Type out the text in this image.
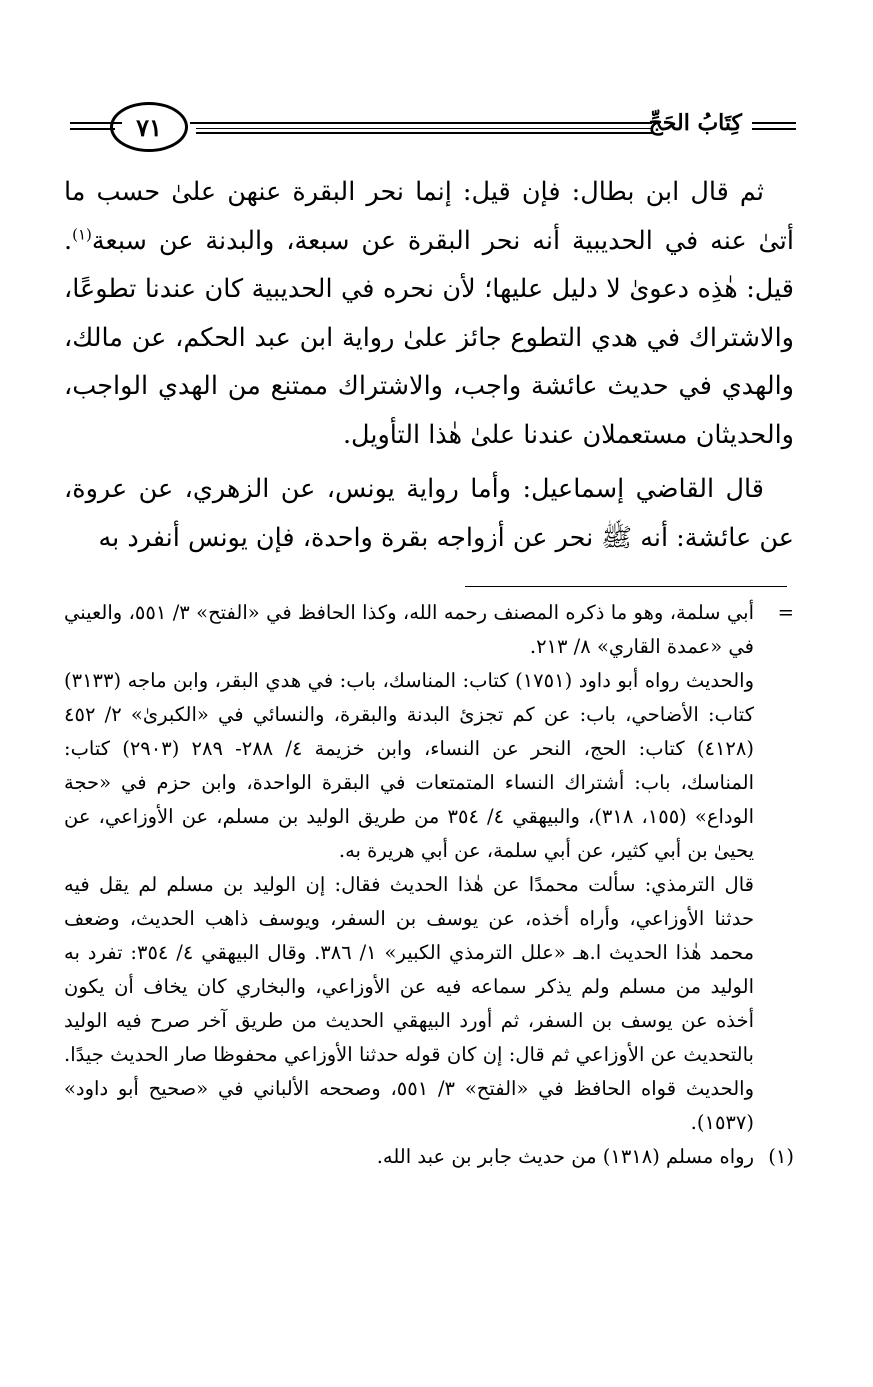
٧١	كِتَابُ الحَجِّ

ثم قال ابن بطال: فإن قيل: إنما نحر البقرة عنهن علىٰ حسب ما أتىٰ عنه في الحديبية أنه نحر البقرة عن سبعة، والبدنة عن سبعة$^{(١)}$. قيل: هٰذِه دعوىٰ لا دليل عليها؛ لأن نحره في الحديبية كان عندنا تطوعًا، والاشتراك في هدي التطوع جائز علىٰ رواية ابن عبد الحكم، عن مالك، والهدي في حديث عائشة واجب، والاشتراك ممتنع من الهدي الواجب، والحديثان مستعملان عندنا علىٰ هٰذا التأويل.

قال القاضي إسماعيل: وأما رواية يونس، عن الزهري، عن عروة، عن عائشة: أنه ﷺ نحر عن أزواجه بقرة واحدة، فإن يونس أنفرد به

=
أبي سلمة، وهو ما ذكره المصنف رحمه الله، وكذا الحافظ في «الفتح» ٣/ ٥٥١، والعيني في «عمدة القاري» ٨/ ٢١٣.

والحديث رواه أبو داود (١٧٥١) كتاب: المناسك، باب: في هدي البقر، وابن ماجه (٣١٣٣) كتاب: الأضاحي، باب: عن كم تجزئ البدنة والبقرة، والنسائي في «الكبرىٰ» ٢/ ٤٥٢ (٤١٢٨) كتاب: الحج، النحر عن النساء، وابن خزيمة ٤/ ٢٨٨- ٢٨٩ (٢٩٠٣) كتاب: المناسك، باب: أشتراك النساء المتمتعات في البقرة الواحدة، وابن حزم في «حجة الوداع» (١٥٥، ٣١٨)، والبيهقي ٤/ ٣٥٤ من طريق الوليد بن مسلم، عن الأوزاعي، عن يحيىٰ بن أبي كثير، عن أبي سلمة، عن أبي هريرة به.

قال الترمذي: سألت محمدًا عن هٰذا الحديث فقال: إن الوليد بن مسلم لم يقل فيه حدثنا الأوزاعي، وأراه أخذه، عن يوسف بن السفر، ويوسف ذاهب الحديث، وضعف محمد هٰذا الحديث ا.هـ «علل الترمذي الكبير» ١/ ٣٨٦. وقال البيهقي ٤/ ٣٥٤: تفرد به الوليد من مسلم ولم يذكر سماعه فيه عن الأوزاعي، والبخاري كان يخاف أن يكون أخذه عن يوسف بن السفر، ثم أورد البيهقي الحديث من طريق آخر صرح فيه الوليد بالتحديث عن الأوزاعي ثم قال: إن كان قوله حدثنا الأوزاعي محفوظا صار الحديث جيدًا. والحديث قواه الحافظ في «الفتح» ٣/ ٥٥١، وصححه الألباني في «صحيح أبو داود» (١٥٣٧).

(١)
رواه مسلم (١٣١٨) من حديث جابر بن عبد الله.
